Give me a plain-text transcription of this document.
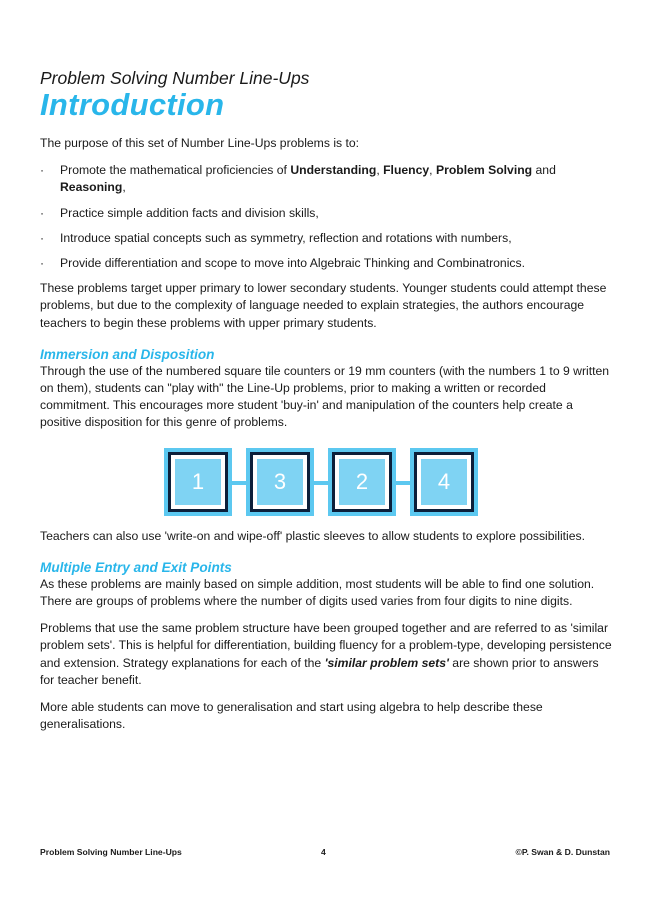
Problem Solving Number Line-Ups

Introduction

The purpose of this set of Number Line-Ups problems is to:

· Promote the mathematical proficiencies of Understanding, Fluency, Problem Solving and Reasoning,
· Practice simple addition facts and division skills,
· Introduce spatial concepts such as symmetry, reflection and rotations with numbers,
· Provide differentiation and scope to move into Algebraic Thinking and Combinatronics.

These problems target upper primary to lower secondary students. Younger students could attempt these problems, but due to the complexity of language needed to explain strategies, the authors encourage teachers to begin these problems with upper primary students.

Immersion and Disposition

Through the use of the numbered square tile counters or 19 mm counters (with the numbers 1 to 9 written on them), students can "play with" the Line-Up problems, prior to making a written or recorded commitment. This encourages more student 'buy-in' and manipulation of the counters help create a positive disposition for this genre of problems.

1	3	2	4

Teachers can also use 'write-on and wipe-off' plastic sleeves to allow students to explore possibilities.

Multiple Entry and Exit Points

As these problems are mainly based on simple addition, most students will be able to find one solution. There are groups of problems where the number of digits used varies from four digits to nine digits.

Problems that use the same problem structure have been grouped together and are referred to as 'similar problem sets'. This is helpful for differentiation, building fluency for a problem-type, developing persistence and extension. Strategy explanations for each of the 'similar problem sets' are shown prior to answers for teacher benefit.

More able students can move to generalisation and start using algebra to help describe these generalisations.

Problem Solving Number Line-Ups	4	©P. Swan & D. Dunstan
